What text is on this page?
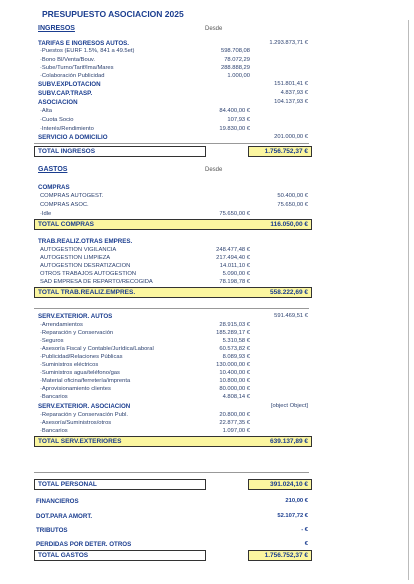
PRESUPUESTO ASOCIACION 2025
INGRESOS	Desde
TARIFAS E INGRESOS AUTOS.	1.293.873,71 €
·Puestos (EURF 1.5%, 841 a 49.5et)	598.708,08
·Bono BI/Venta/Bouv.	78.072,29
·Sube/Turno/Tarif/Ima/Mares	288.888,29
·Colaboración Publicidad	1.000,00
SUBV.EXPLOTACION	151.801,41 €
SUBV.CAP.TRASP.	4.837,93 €
ASOCIACION	104.137,93 €
·Alta	84.400,00 €
·Cuota Socio	107,93 €
·Interés/Rendimiento	19.830,00 €
SERVICIO A DOMICILIO	201.000,00 €
TOTAL INGRESOS	1.756.752,37 €
GASTOS	Desde
COMPRAS
COMPRAS AUTOGEST.	50.400,00 €
COMPRAS ASOC.	75.650,00 €
·Idle	75.650,00 €
TOTAL COMPRAS	116.050,00 €
TRAB.REALIZ.OTRAS EMPRES.
AUTOGESTION VIGILANCIA	248.477,48 €
AUTOGESTION LIMPIEZA	217.494,40 €
AUTOGESTION DESRATIZACION	14.011,10 €
OTROS TRABAJOS AUTOGESTION	5.090,00 €
SAD EMPRESA DE REPARTO/RECOGIDA	78.198,78 €
TOTAL TRAB.REALIZ.EMPRES.	558.222,69 €
SERV.EXTERIOR. AUTOS	591.469,51 €
·Arrendamientos	28.915,03 €
·Reparación y Conservación	185.289,17 €
·Seguros	5.310,58 €
·Asesoría Fiscal y Contable/Jurídica/Laboral	60.573,82 €
·Publicidad/Relaciones Públicas	8.089,93 €
·Suministros eléctricos	130.000,00 €
·Suministros agua/teléfono/gas	10.400,00 €
·Material oficina/ferretería/imprenta	10.800,00 €
·Aprovisionamiento clientes	80.000,00 €
·Bancarios	4.808,14 €
SERV.EXTERIOR. ASOCIACION	[object Object]
·Reparación y Conservación Publ.	20.800,00 €
·Asesoría/Suministros/otros	22.877,35 €
·Bancarios	1.097,00 €
TOTAL SERV.EXTERIORES	639.137,89 €
TOTAL PERSONAL	391.024,10 €
FINANCIEROS	210,00 €
DOT.PARA AMORT.	52.107,72 €
TRIBUTOS	- €
PERDIDAS POR DETER. OTROS	€
TOTAL GASTOS	1.756.752,37 €
